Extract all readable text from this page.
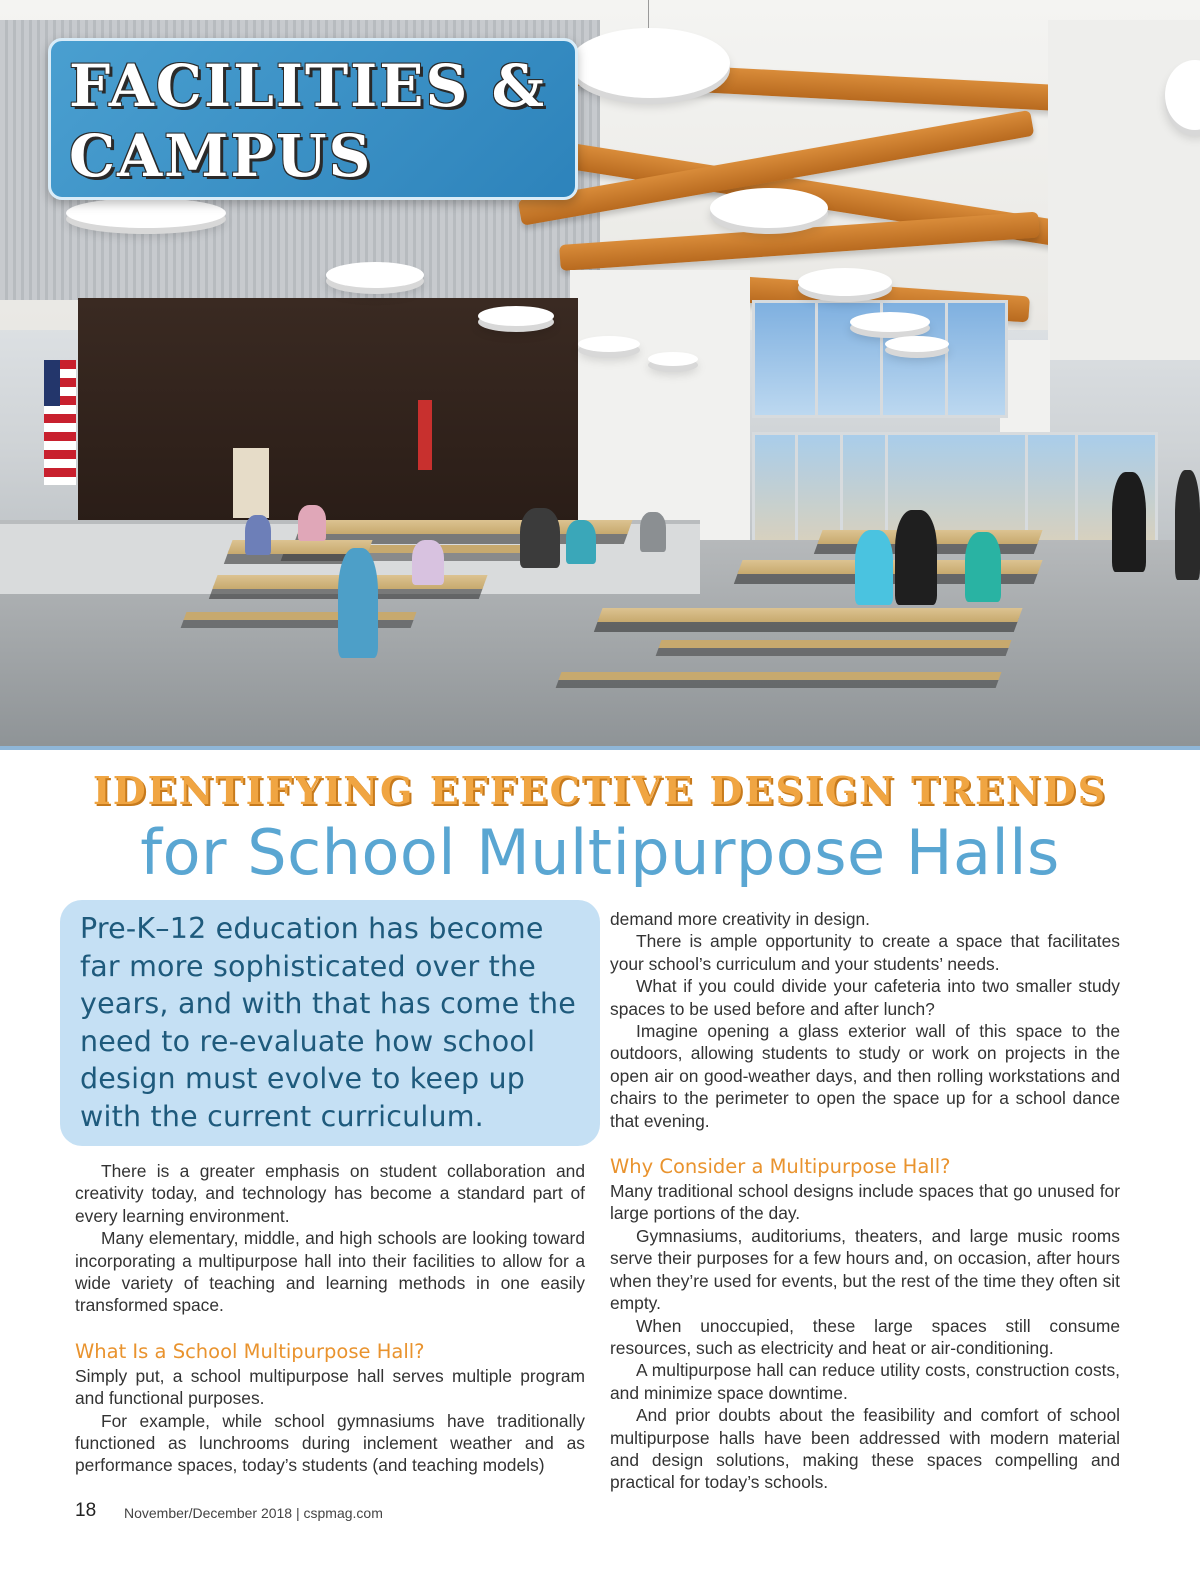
FACILITIES &
CAMPUS
IDENTIFYING EFFECTIVE DESIGN TRENDS
for School Multipurpose Halls

Pre-K–12 education has become far more sophisticated over the years, and with that has come the need to re-evaluate how school design must evolve to keep up with the current curriculum.

There is a greater emphasis on student collaboration and creativity today, and technology has become a standard part of every learning environment.

Many elementary, middle, and high schools are looking toward incorporating a multipurpose hall into their facilities to allow for a wide variety of teaching and learning methods in one easily transformed space.

What Is a School Multipurpose Hall?

Simply put, a school multipurpose hall serves multiple program and functional purposes.

For example, while school gymnasiums have traditionally functioned as lunchrooms during inclement weather and as performance spaces, today’s students (and teaching models)

demand more creativity in design.

There is ample opportunity to create a space that facilitates your school’s curriculum and your students’ needs.

What if you could divide your cafeteria into two smaller study spaces to be used before and after lunch?

Imagine opening a glass exterior wall of this space to the outdoors, allowing students to study or work on projects in the open air on good-weather days, and then rolling workstations and chairs to the perimeter to open the space up for a school dance that evening.

Why Consider a Multipurpose Hall?

Many traditional school designs include spaces that go unused for large portions of the day.

Gymnasiums, auditoriums, theaters, and large music rooms serve their purposes for a few hours and, on occasion, after hours when they’re used for events, but the rest of the time they often sit empty.

When unoccupied, these large spaces still consume resources, such as electricity and heat or air-conditioning.

A multipurpose hall can reduce utility costs, construction costs, and minimize space downtime.

And prior doubts about the feasibility and comfort of school multipurpose halls have been addressed with modern material and design solutions, making these spaces compelling and practical for today’s schools.

18 November/December 2018 | cspmag.com
